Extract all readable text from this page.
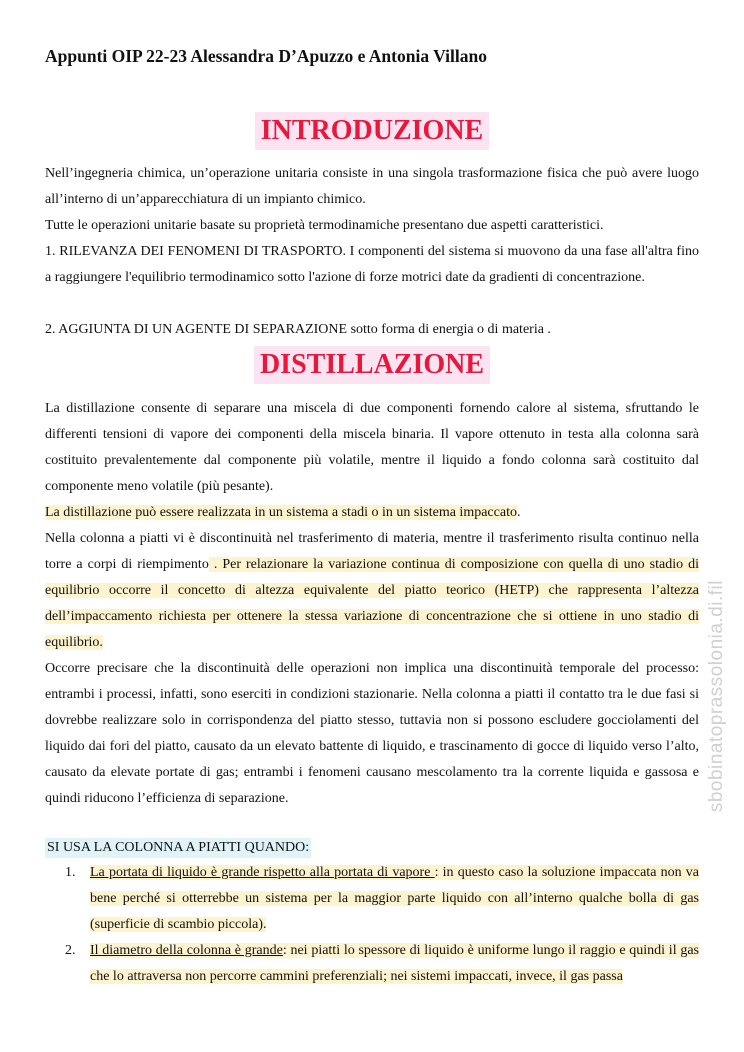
Appunti OIP 22-23 Alessandra D’Apuzzo e Antonia Villano
INTRODUZIONE

Nell’ingegneria chimica, un’operazione unitaria consiste in una singola trasformazione fisica che può avere luogo all’interno di un’apparecchiatura di un impianto chimico.

Tutte le operazioni unitarie basate su proprietà termodinamiche presentano due aspetti caratteristici.

1. RILEVANZA DEI FENOMENI DI TRASPORTO. I componenti del sistema si muovono da una fase all'altra fino a raggiungere l'equilibrio termodinamico sotto l'azione di forze motrici date da gradienti di concentrazione.

2. AGGIUNTA DI UN AGENTE DI SEPARAZIONE sotto forma di energia o di materia .

DISTILLAZIONE

La distillazione consente di separare una miscela di due componenti fornendo calore al sistema, sfruttando le differenti tensioni di vapore dei componenti della miscela binaria. Il vapore ottenuto in testa alla colonna sarà costituito prevalentemente dal componente più volatile, mentre il liquido a fondo colonna sarà costituito dal componente meno volatile (più pesante).

La distillazione può essere realizzata in un sistema a stadi o in un sistema impaccato.

Nella colonna a piatti vi è discontinuità nel trasferimento di materia, mentre il trasferimento risulta continuo nella torre a corpi di riempimento . Per relazionare la variazione continua di composizione con quella di uno stadio di equilibrio occorre il concetto di altezza equivalente del piatto teorico (HETP) che rappresenta l’altezza dell’impaccamento richiesta per ottenere la stessa variazione di concentrazione che si ottiene in uno stadio di equilibrio.

Occorre precisare che la discontinuità delle operazioni non implica una discontinuità temporale del processo: entrambi i processi, infatti, sono eserciti in condizioni stazionarie. Nella colonna a piatti il contatto tra le due fasi si dovrebbe realizzare solo in corrispondenza del piatto stesso, tuttavia non si possono escludere gocciolamenti del liquido dai fori del piatto, causato da un elevato battente di liquido, e trascinamento di gocce di liquido verso l’alto, causato da elevate portate di gas; entrambi i fenomeni causano mescolamento tra la corrente liquida e gassosa e quindi riducono l’efficienza di separazione.

SI USA LA COLONNA A PIATTI QUANDO:
1. La portata di liquido è grande rispetto alla portata di vapore : in questo caso la soluzione impaccata non va bene perché si otterrebbe un sistema per la maggior parte liquido con all’interno qualche bolla di gas (superficie di scambio piccola).
2. Il diametro della colonna è grande: nei piatti lo spessore di liquido è uniforme lungo il raggio e quindi il gas che lo attraversa non percorre cammini preferenziali; nei sistemi impaccati, invece, il gas passa
sbobinatoprassolonia.di.fil
